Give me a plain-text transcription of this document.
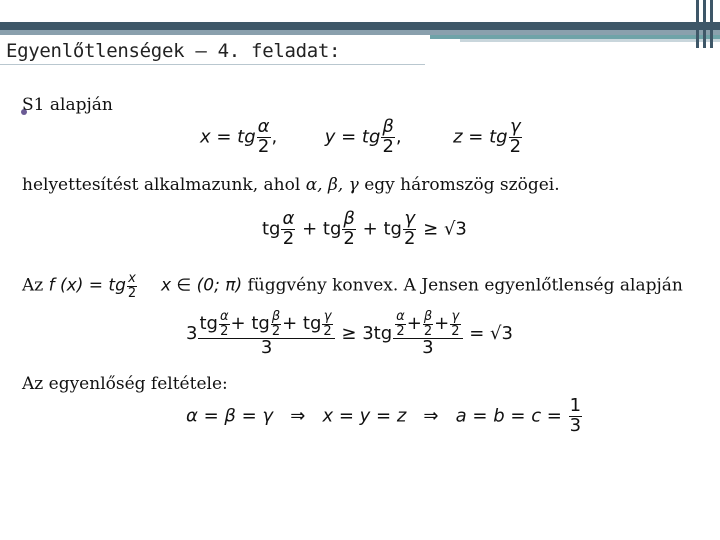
Egyenlőtlenségek – 4. feladat:
S1 alapján
x = tg $\frac{\alpha}{2}$ ,	y = tg $\frac{\beta}{2}$ ,	z = tg $\frac{\gamma}{2}$
helyettesítést alkalmazunk, ahol α, β, γ egy háromszög szögei.
tg $\frac{\alpha}{2}$ + tg $\frac{\beta}{2}$ + tg $\frac{\gamma}{2} \ge √3$
Az f (x) = tg $\frac{x}{2}$ x ∈ (0; π) függvény konvex. A Jensen egyenlőtlenség alapján
$3 \frac{tg \frac{\alpha}{2} + tg \frac{\beta}{2} + tg \frac{\gamma}{2}}{3} \ge 3tg \frac{\frac{\alpha}{2} + \frac{\beta}{2} + \frac{\gamma}{2}}{3} = √3$
Az egyenlőség feltétele:
α = β = γ   ⇒   x = y = z   ⇒   $a = b = c = \frac{1}{3}$
